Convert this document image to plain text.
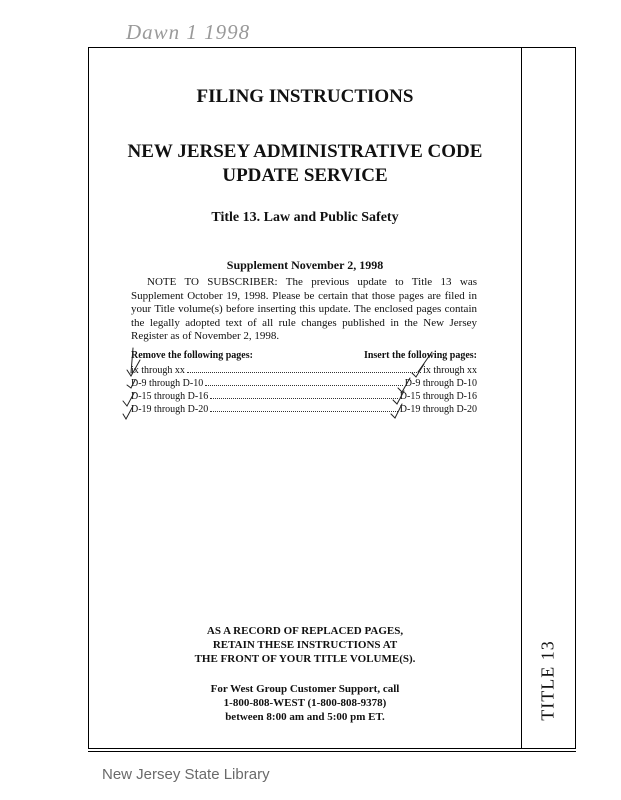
Dawn 1 1998
TITLE 13
FILING INSTRUCTIONS
NEW JERSEY ADMINISTRATIVE CODE
UPDATE SERVICE
Title 13. Law and Public Safety
Supplement November 2, 1998
NOTE TO SUBSCRIBER: The previous update to Title 13 was Supplement October 19, 1998. Please be certain that those pages are filed in your Title volume(s) before inserting this update. The enclosed pages contain the legally adopted text of all rule changes published in the New Jersey Register as of November 2, 1998.
Remove the following pages:	Insert the following pages:
ix through xx	ix through xx
D-9 through D-10	D-9 through D-10
D-15 through D-16	D-15 through D-16
D-19 through D-20	D-19 through D-20
AS A RECORD OF REPLACED PAGES,
RETAIN THESE INSTRUCTIONS AT
THE FRONT OF YOUR TITLE VOLUME(S).
For West Group Customer Support, call
1-800-808-WEST (1-800-808-9378)
between 8:00 am and 5:00 pm ET.
New Jersey State Library
